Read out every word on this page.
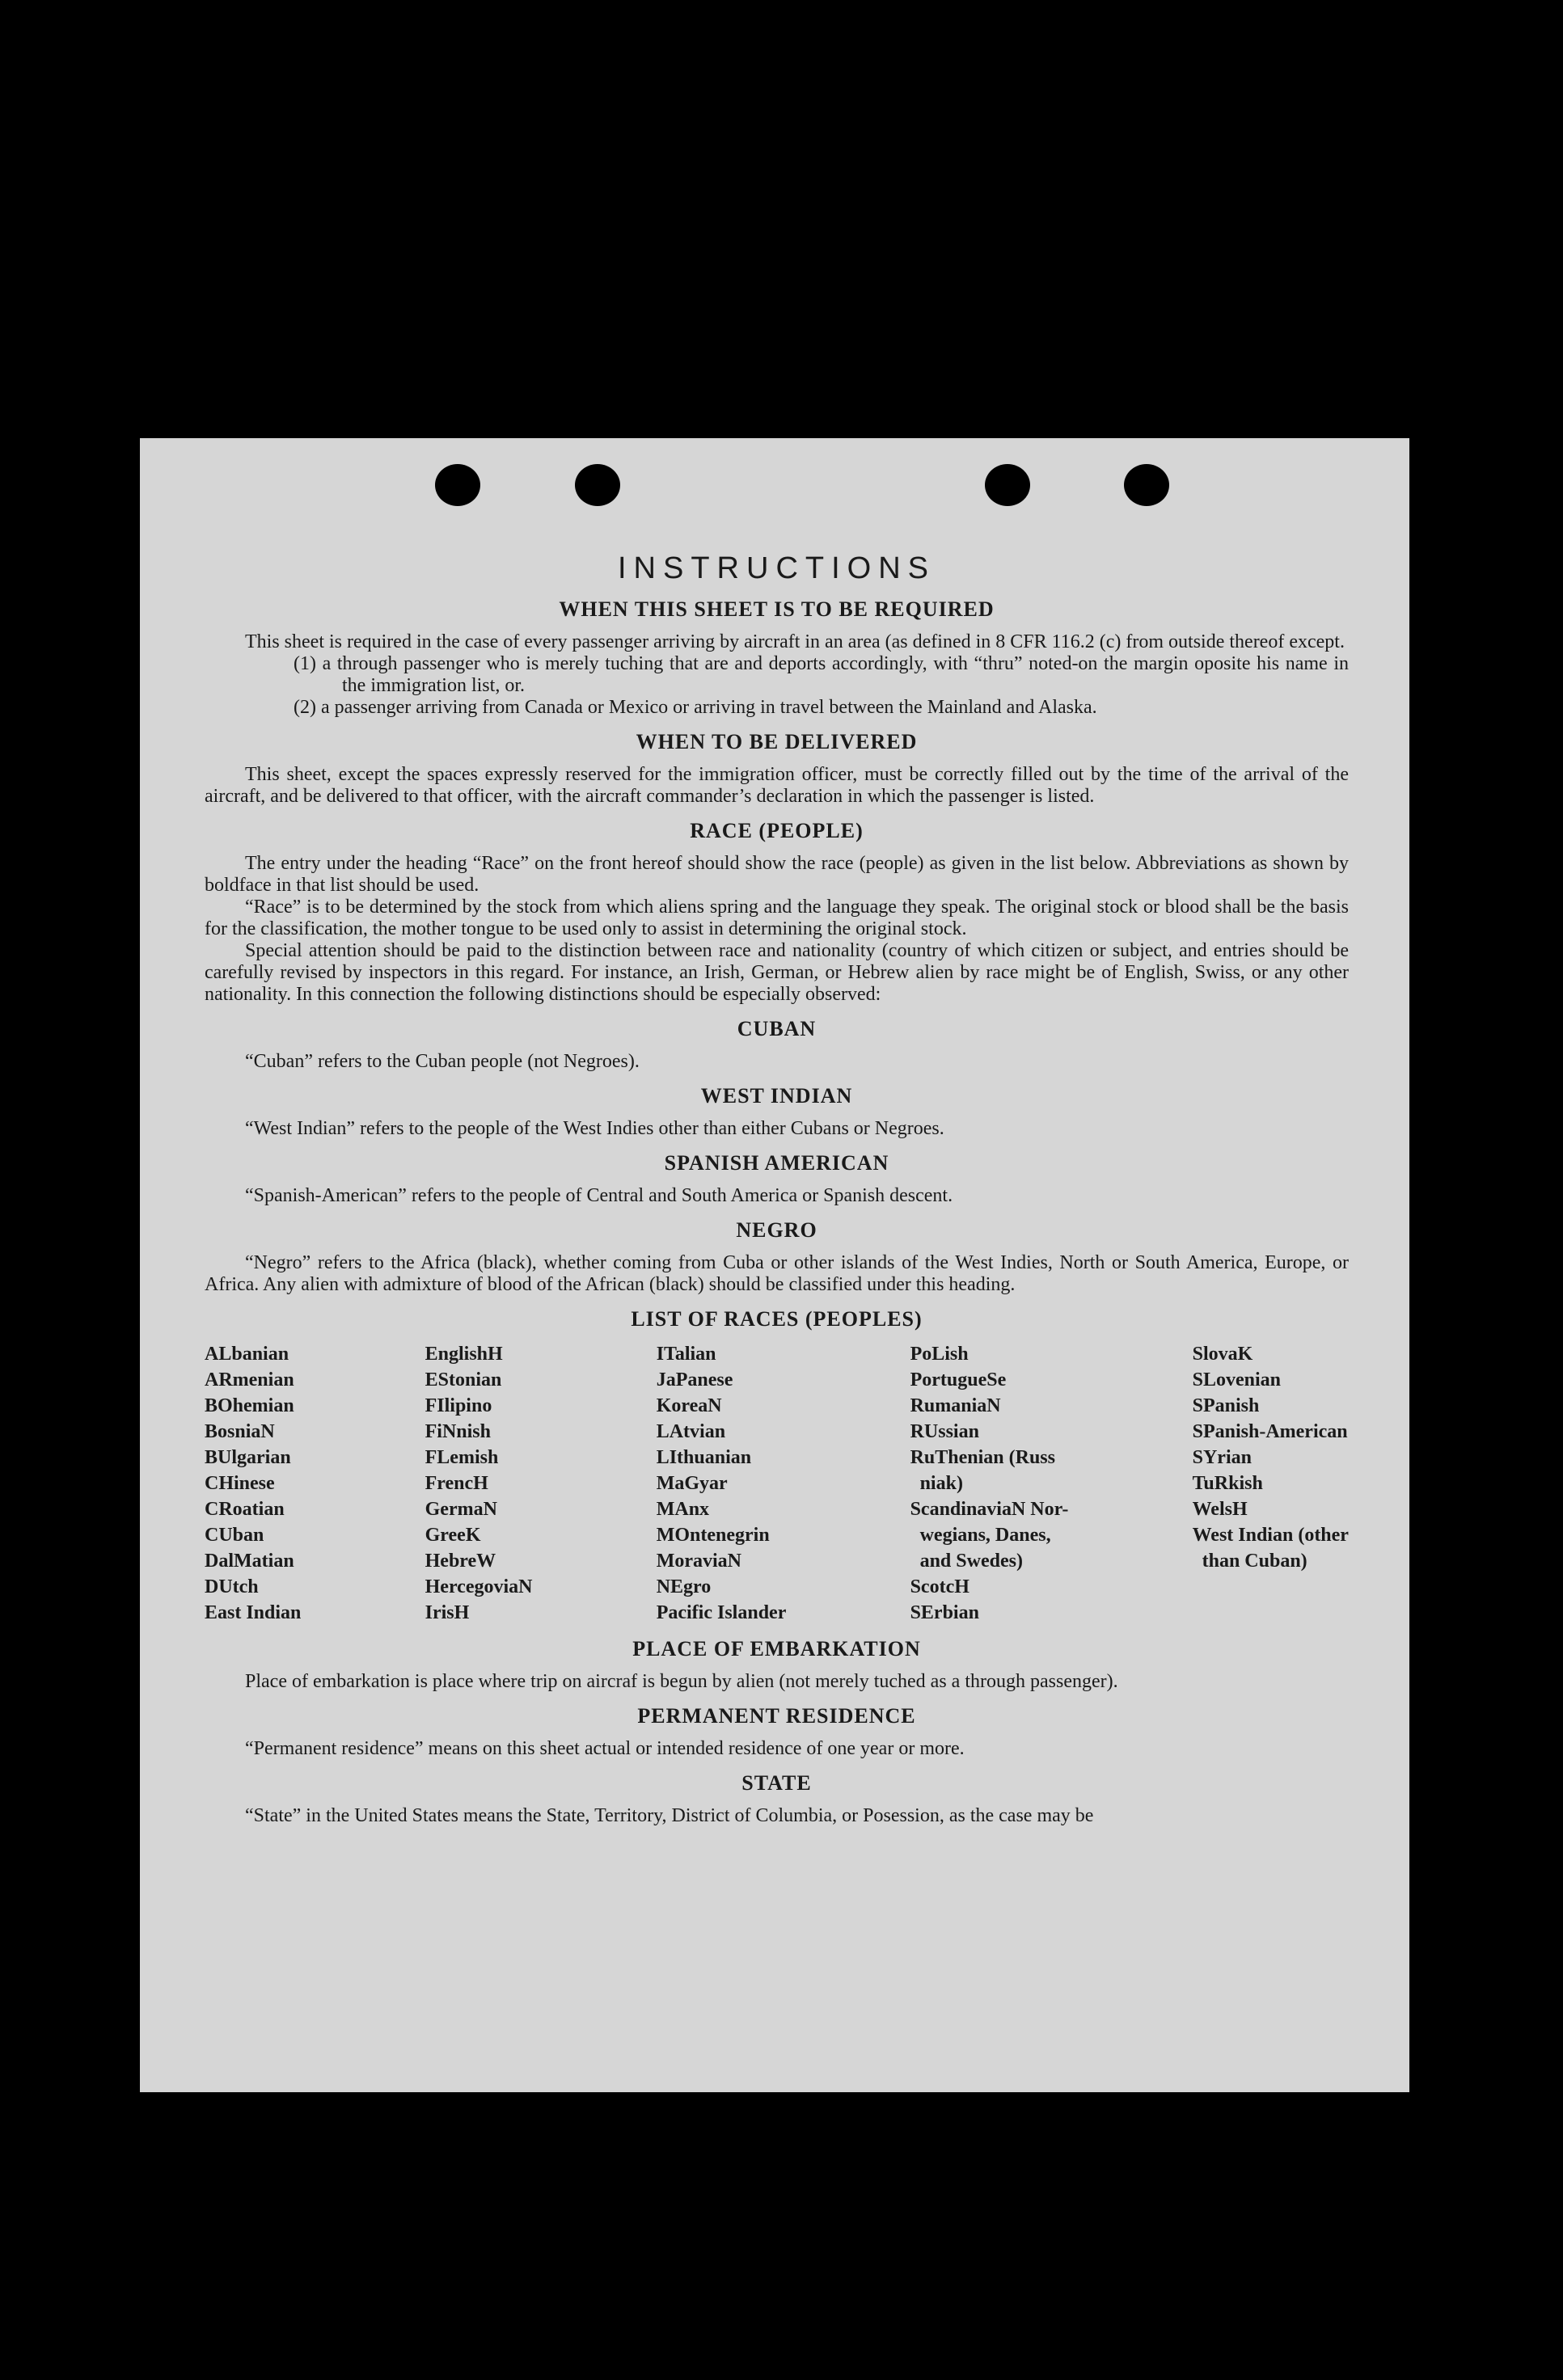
INSTRUCTIONS
WHEN THIS SHEET IS TO BE REQUIRED

This sheet is required in the case of every passenger arriving by aircraft in an area (as defined in 8 CFR 116.2 (c) from outside thereof except.

(1) a through passenger who is merely tuching that are and deports accordingly, with “thru” noted-on the margin oposite his name in the immigration list, or.

(2) a passenger arriving from Canada or Mexico or arriving in travel between the Mainland and Alaska.

WHEN TO BE DELIVERED

This sheet, except the spaces expressly reserved for the immigration officer, must be correctly filled out by the time of the arrival of the aircraft, and be delivered to that officer, with the aircraft commander’s declaration in which the passenger is listed.

RACE (PEOPLE)

The entry under the heading “Race” on the front hereof should show the race (people) as given in the list below. Abbreviations as shown by boldface in that list should be used.

“Race” is to be determined by the stock from which aliens spring and the language they speak. The original stock or blood shall be the basis for the classification, the mother tongue to be used only to assist in determining the original stock.

Special attention should be paid to the distinction between race and nationality (country of which citizen or subject, and entries should be carefully revised by inspectors in this regard. For instance, an Irish, German, or Hebrew alien by race might be of English, Swiss, or any other nationality. In this connection the following distinctions should be especially observed:

CUBAN

“Cuban” refers to the Cuban people (not Negroes).

WEST INDIAN

“West Indian” refers to the people of the West Indies other than either Cubans or Negroes.

SPANISH AMERICAN

“Spanish-American” refers to the people of Central and South America or Spanish descent.

NEGRO

“Negro” refers to the Africa (black), whether coming from Cuba or other islands of the West Indies, North or South America, Europe, or Africa. Any alien with admixture of blood of the African (black) should be classified under this heading.

LIST OF RACES (PEOPLES)
ALbanian
ARmenian
BOhemian
BosniaN
BUlgarian
CHinese
CRoatian
CUban
DalMatian
DUtch
East Indian
EnglishH
EStonian
FIlipino
FiNnish
FLemish
FrencH
GermaN
GreeK
HebreW
HercegoviaN
IrisH
ITalian
JaPanese
KoreaN
LAtvian
LIthuanian
MaGyar
MAnx
MOntenegrin
MoraviaN
NEgro
Pacific Islander
PoLish
PortugueSe
RumaniaN
RUssian
RuThenian (Russ
niak)
ScandinaviaN Nor-
wegians, Danes,
and Swedes)
ScotcH
SErbian
SlovaK
SLovenian
SPanish
SPanish-American
SYrian
TuRkish
WelsH
West Indian (other
than Cuban)
PLACE OF EMBARKATION

Place of embarkation is place where trip on aircraf is begun by alien (not merely tuched as a through passenger).

PERMANENT RESIDENCE

“Permanent residence” means on this sheet actual or intended residence of one year or more.

STATE

“State” in the United States means the State, Territory, District of Columbia, or Posession, as the case may be
